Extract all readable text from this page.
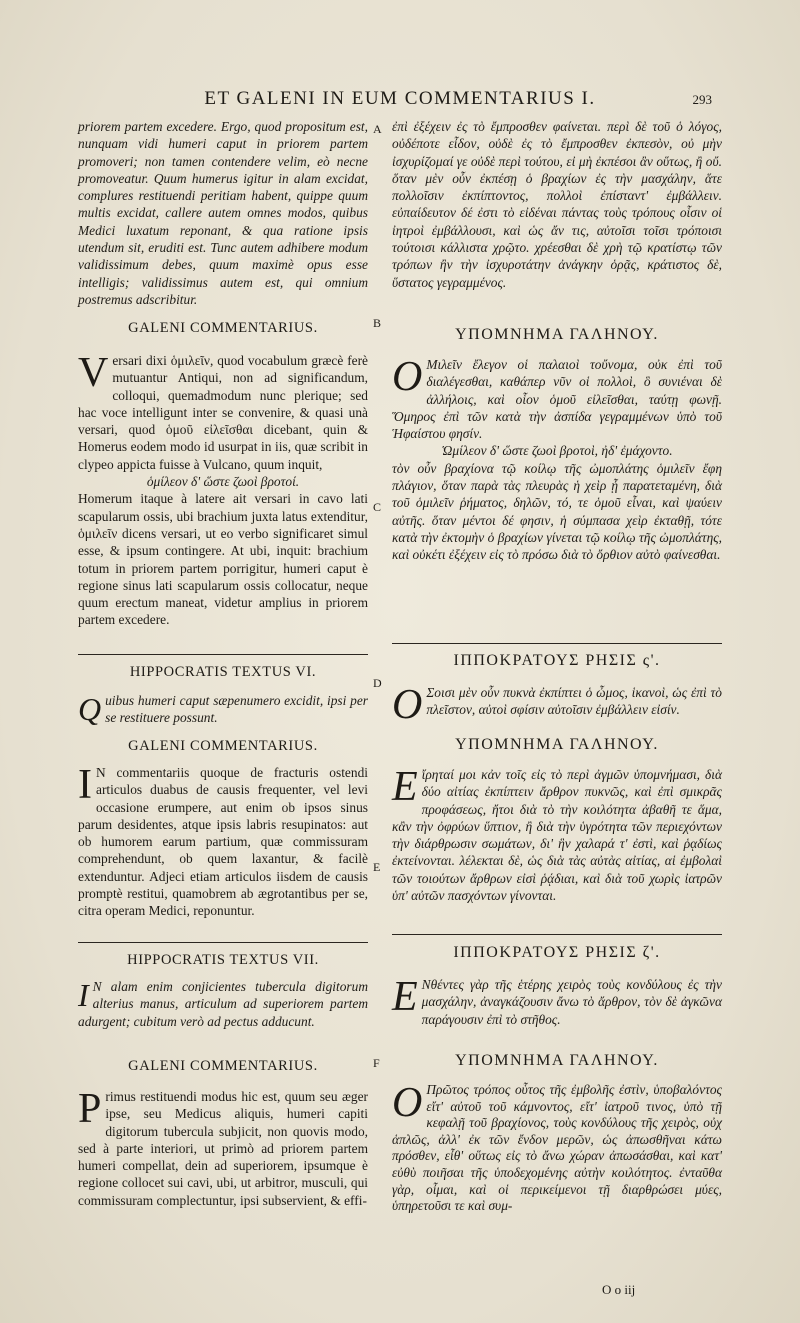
ET GALENI IN EUM COMMENTARIUS I.	293
A
B
C
D
E
F
priorem partem excedere. Ergo, quod propositum est, nunquam vidi humeri caput in priorem partem promoveri; non tamen contendere velim, eò necne promoveatur. Quum humerus igitur in alam excidat, complures restituendi peritiam habent, quippe quum multis excidat, callere autem omnes modos, quibus Medici luxatum reponant, & qua ratione ipsis utendum sit, eruditi est. Tunc autem adhibere modum validissimum debes, quum maximè opus esse intelligis; validissimus autem est, qui omnium postremus adscribitur.
GALENI COMMENTARIUS.
Versari dixi ὁμιλεῖν, quod vocabulum græcè ferè mutuantur Antiqui, non ad significandum, colloqui, quemadmodum nunc plerique; sed hac voce intelligunt inter se convenire, & quasi unà versari, quod ὁμοῦ εἰλεῖσθαι dicebant, quin & Homerus eodem modo id usurpat in iis, quæ scribit in clypeo appicta fuisse à Vulcano, quum inquit,
ὁμίλεον δ' ὥστε ζωοὶ βροτοί.
Homerum itaque à latere ait versari in cavo lati scapularum ossis, ubi brachium juxta latus extenditur, ὁμιλεῖν dicens versari, ut eo verbo significaret simul esse, & ipsum contingere. At ubi, inquit: brachium totum in priorem partem porrigitur, humeri caput è regione sinus lati scapularum ossis collocatur, neque quum erectum maneat, videtur amplius in priorem partem excedere.
HIPPOCRATIS TEXTUS VI.
Quibus humeri caput sæpenumero excidit, ipsi per se restituere possunt.
GALENI COMMENTARIUS.
I N commentariis quoque de fracturis ostendi articulos duabus de causis frequenter, vel levi occasione erumpere, aut enim ob ipsos sinus parum desidentes, atque ipsis labris resupinatos: aut ob humorem earum partium, quæ commissuram comprehendunt, ob quem laxantur, & facilè extenduntur. Adjeci etiam articulos iisdem de causis promptè restitui, quamobrem ab ægrotantibus per se, citra operam Medici, reponuntur.
HIPPOCRATIS TEXTUS VII.
I N alam enim conjicientes tubercula digitorum alterius manus, articulum ad superiorem partem adurgent; cubitum verò ad pectus adducunt.
GALENI COMMENTARIUS.
Primus restituendi modus hic est, quum seu æger ipse, seu Medicus aliquis, humeri capiti digitorum tubercula subjicit, non quovis modo, sed à parte interiori, ut primò ad priorem partem humeri compellat, dein ad superiorem, ipsumque è regione collocet sui cavi, ubi, ut arbitror, musculi, qui commissuram complectuntur, ipsi subservient, & effi-
ἐπὶ ἐξέχειν ἐς τὸ ἔμπροσθεν φαίνεται. περὶ δὲ τοῦ ὁ λόγος, οὐδέποτε εἶδον, οὐδὲ ἐς τὸ ἔμπροσθεν ἐκπεσὸν, οὐ μὴν ἰσχυρίζομαί γε οὐδὲ περὶ τούτου, εἰ μὴ ἐκπέσοι ἂν οὕτως, ἢ οὔ. ὅταν μὲν οὖν ἐκπέσῃ ὁ βραχίων ἐς τὴν μασχάλην, ἅτε πολλοῖσιν ἐκπίπτοντος, πολλοὶ ἐπίσταντ' ἐμβάλλειν. εὐπαίδευτον δέ ἐστι τὸ εἰδέναι πάντας τοὺς τρόπους οἷσιν οἱ ἰητροὶ ἐμβάλλουσι, καὶ ὡς ἄν τις, αὐτοῖσι τοῖσι τρόποισι τούτοισι κάλλιστα χρῷτο. χρέεσθαι δὲ χρὴ τῷ κρατίστῳ τῶν τρόπων ἢν τὴν ἰσχυροτάτην ἀνάγκην ὁρᾷς, κράτιστος δὲ, ὕστατος γεγραμμένος.
ΥΠΟΜΝΗΜΑ ΓΑΛΗΝΟΥ.
Ο Μιλεῖν ἔλεγον οἱ παλαιοὶ τοὔνομα, οὐκ ἐπὶ τοῦ διαλέγεσθαι, καθάπερ νῦν οἱ πολλοὶ, ὃ συνιέναι δὲ ἀλλήλοις, καὶ οἷον ὁμοῦ εἰλεῖσθαι, ταύτῃ φωνῇ. Ὅμηρος ἐπὶ τῶν κατὰ τὴν ἀσπίδα γεγραμμένων ὑπὸ τοῦ Ἡφαίστου φησίν.
Ὡμίλεον δ' ὥστε ζωοὶ βροτοὶ, ἠδ' ἐμάχοντο.
τὸν οὖν βραχίονα τῷ κοίλῳ τῆς ὠμοπλάτης ὁμιλεῖν ἔφη πλάγιον, ὅταν παρὰ τὰς πλευρὰς ἡ χεὶρ ᾖ παρατεταμένη, διὰ τοῦ ὁμιλεῖν ῥήματος, δηλῶν, τό, τε ὁμοῦ εἶναι, καὶ ψαύειν αὐτῆς. ὅταν μέντοι δέ φησιν, ἡ σύμπασα χεὶρ ἐκταθῇ, τότε κατὰ τὴν ἐκτομὴν ὁ βραχίων γίνεται τῷ κοίλῳ τῆς ὠμοπλάτης, καὶ οὐκέτι ἐξέχειν εἰς τὸ πρόσω διὰ τὸ ὄρθιον αὐτὸ φαίνεσθαι.
ΙΠΠΟΚΡΑΤΟΥΣ ΡΗΣΙΣ ς'.
Ο Σοισι μὲν οὖν πυκνὰ ἐκπίπτει ὁ ὦμος, ἱκανοὶ, ὡς ἐπὶ τὸ πλεῖστον, αὐτοὶ σφίσιν αὐτοῖσιν ἐμβάλλειν εἰσίν.
ΥΠΟΜΝΗΜΑ ΓΑΛΗΝΟΥ.
Εἴρηταί μοι κἀν τοῖς εἰς τὸ περὶ ἀγμῶν ὑπομνήμασι, διὰ δύο αἰτίας ἐκπίπτειν ἄρθρον πυκνῶς, καὶ ἐπὶ σμικρᾶς προφάσεως, ἤτοι διὰ τὸ τὴν κοιλότητα ἀβαθῆ τε ἅμα, κἂν τὴν ὀφρύων ὕπτιον, ἢ διὰ τὴν ὑγρότητα τῶν περιεχόντων τὴν διάρθρωσιν σωμάτων, δι' ἣν χαλαρά τ' ἐστὶ, καὶ ῥᾳδίως ἐκτείνονται. λέλεκται δὲ, ὡς διὰ τὰς αὐτὰς αἰτίας, αἱ ἐμβολαὶ τῶν τοιούτων ἄρθρων εἰσὶ ῥᾴδιαι, καὶ διὰ τοῦ χωρὶς ἰατρῶν ὑπ' αὐτῶν πασχόντων γίνονται.
ΙΠΠΟΚΡΑΤΟΥΣ ΡΗΣΙΣ ζ'.
Ε Νθέντες γὰρ τῆς ἑτέρης χειρὸς τοὺς κονδύλους ἐς τὴν μασχάλην, ἀναγκάζουσιν ἄνω τὸ ἄρθρον, τὸν δὲ ἀγκῶνα παράγουσιν ἐπὶ τὸ στῆθος.
ΥΠΟΜΝΗΜΑ ΓΑΛΗΝΟΥ.
Ο Πρῶτος τρόπος οὗτος τῆς ἐμβολῆς ἐστὶν, ὑποβαλόντος εἴτ' αὐτοῦ τοῦ κάμνοντος, εἴτ' ἰατροῦ τινος, ὑπὸ τῇ κεφαλῇ τοῦ βραχίονος, τοὺς κονδύλους τῆς χειρὸς, οὐχ ἁπλῶς, ἀλλ' ἐκ τῶν ἔνδον μερῶν, ὡς ἀπωσθῆναι κάτω πρόσθεν, εἶθ' οὕτως εἰς τὸ ἄνω χώραν ἀπωσάσθαι, καὶ κατ' εὐθὺ ποιῆσαι τῆς ὑποδεχομένης αὐτὴν κοιλότητος. ἐνταῦθα γὰρ, οἶμαι, καὶ οἱ περικείμενοι τῇ διαρθρώσει μύες, ὑπηρετοῦσι τε καὶ συμ-
O o iij
